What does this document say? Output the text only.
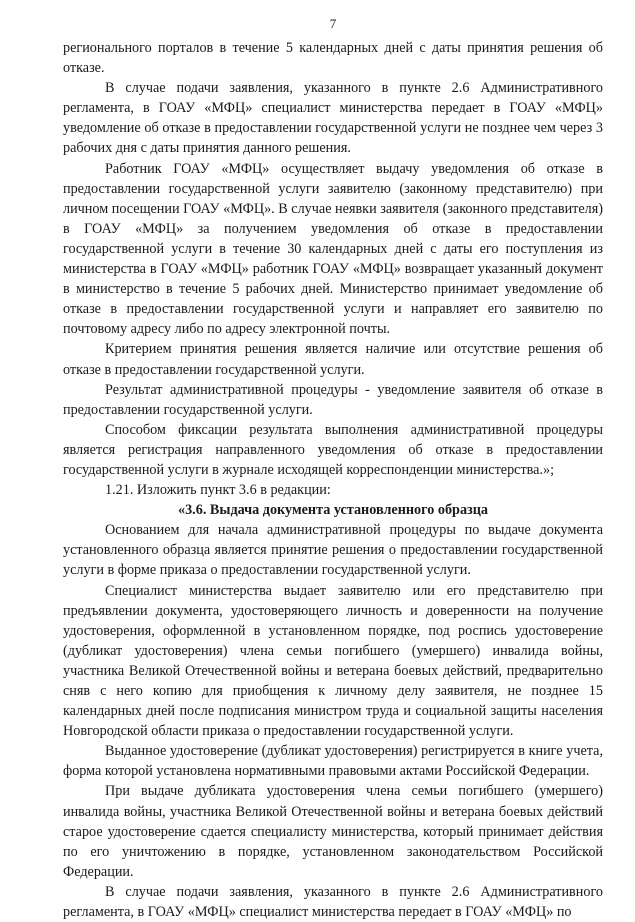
7

регионального порталов в течение 5 календарных дней с даты принятия решения об отказе.

В случае подачи заявления, указанного в пункте 2.6 Административного регламента, в ГОАУ «МФЦ» специалист министерства передает в ГОАУ «МФЦ» уведомление об отказе в предоставлении государственной услуги не позднее чем через 3 рабочих дня с даты принятия данного решения.

Работник ГОАУ «МФЦ» осуществляет выдачу уведомления об отказе в предоставлении государственной услуги заявителю (законному представителю) при личном посещении ГОАУ «МФЦ». В случае неявки заявителя (законного представителя) в ГОАУ «МФЦ» за получением уведомления об отказе в предоставлении государственной услуги в течение 30 календарных дней с даты его поступления из министерства в ГОАУ «МФЦ» работник ГОАУ «МФЦ» возвращает указанный документ в министерство в течение 5 рабочих дней. Министерство принимает уведомление об отказе в предоставлении государственной услуги и направляет его заявителю по почтовому адресу либо по адресу электронной почты.

Критерием принятия решения является наличие или отсутствие решения об отказе в предоставлении государственной услуги.

Результат административной процедуры - уведомление заявителя об отказе в предоставлении государственной услуги.

Способом фиксации результата выполнения административной процедуры является регистрация направленного уведомления об отказе в предоставлении государственной услуги в журнале исходящей корреспонденции министерства.»;

1.21. Изложить пункт 3.6 в редакции:

«3.6. Выдача документа установленного образца

Основанием для начала административной процедуры по выдаче документа установленного образца является принятие решения о предоставлении государственной услуги в форме приказа о предоставлении государственной услуги.

Специалист министерства выдает заявителю или его представителю при предъявлении документа, удостоверяющего личность и доверенности на получение удостоверения, оформленной в установленном порядке, под роспись удостоверение (дубликат удостоверения) члена семьи погибшего (умершего) инвалида войны, участника Великой Отечественной войны и ветерана боевых действий, предварительно сняв с него копию для приобщения к личному делу заявителя, не позднее 15 календарных дней после подписания министром труда и социальной защиты населения Новгородской области приказа о предоставлении государственной услуги.

Выданное удостоверение (дубликат удостоверения) регистрируется в книге учета, форма которой установлена нормативными правовыми актами Российской Федерации.

При выдаче дубликата удостоверения члена семьи погибшего (умершего) инвалида войны, участника Великой Отечественной войны и ветерана боевых действий старое удостоверение сдается специалисту министерства, который принимает действия по его уничтожению в порядке, установленном законодательством Российской Федерации.

В случае подачи заявления, указанного в пункте 2.6 Административного регламента, в ГОАУ «МФЦ» специалист министерства передает в ГОАУ «МФЦ» по
